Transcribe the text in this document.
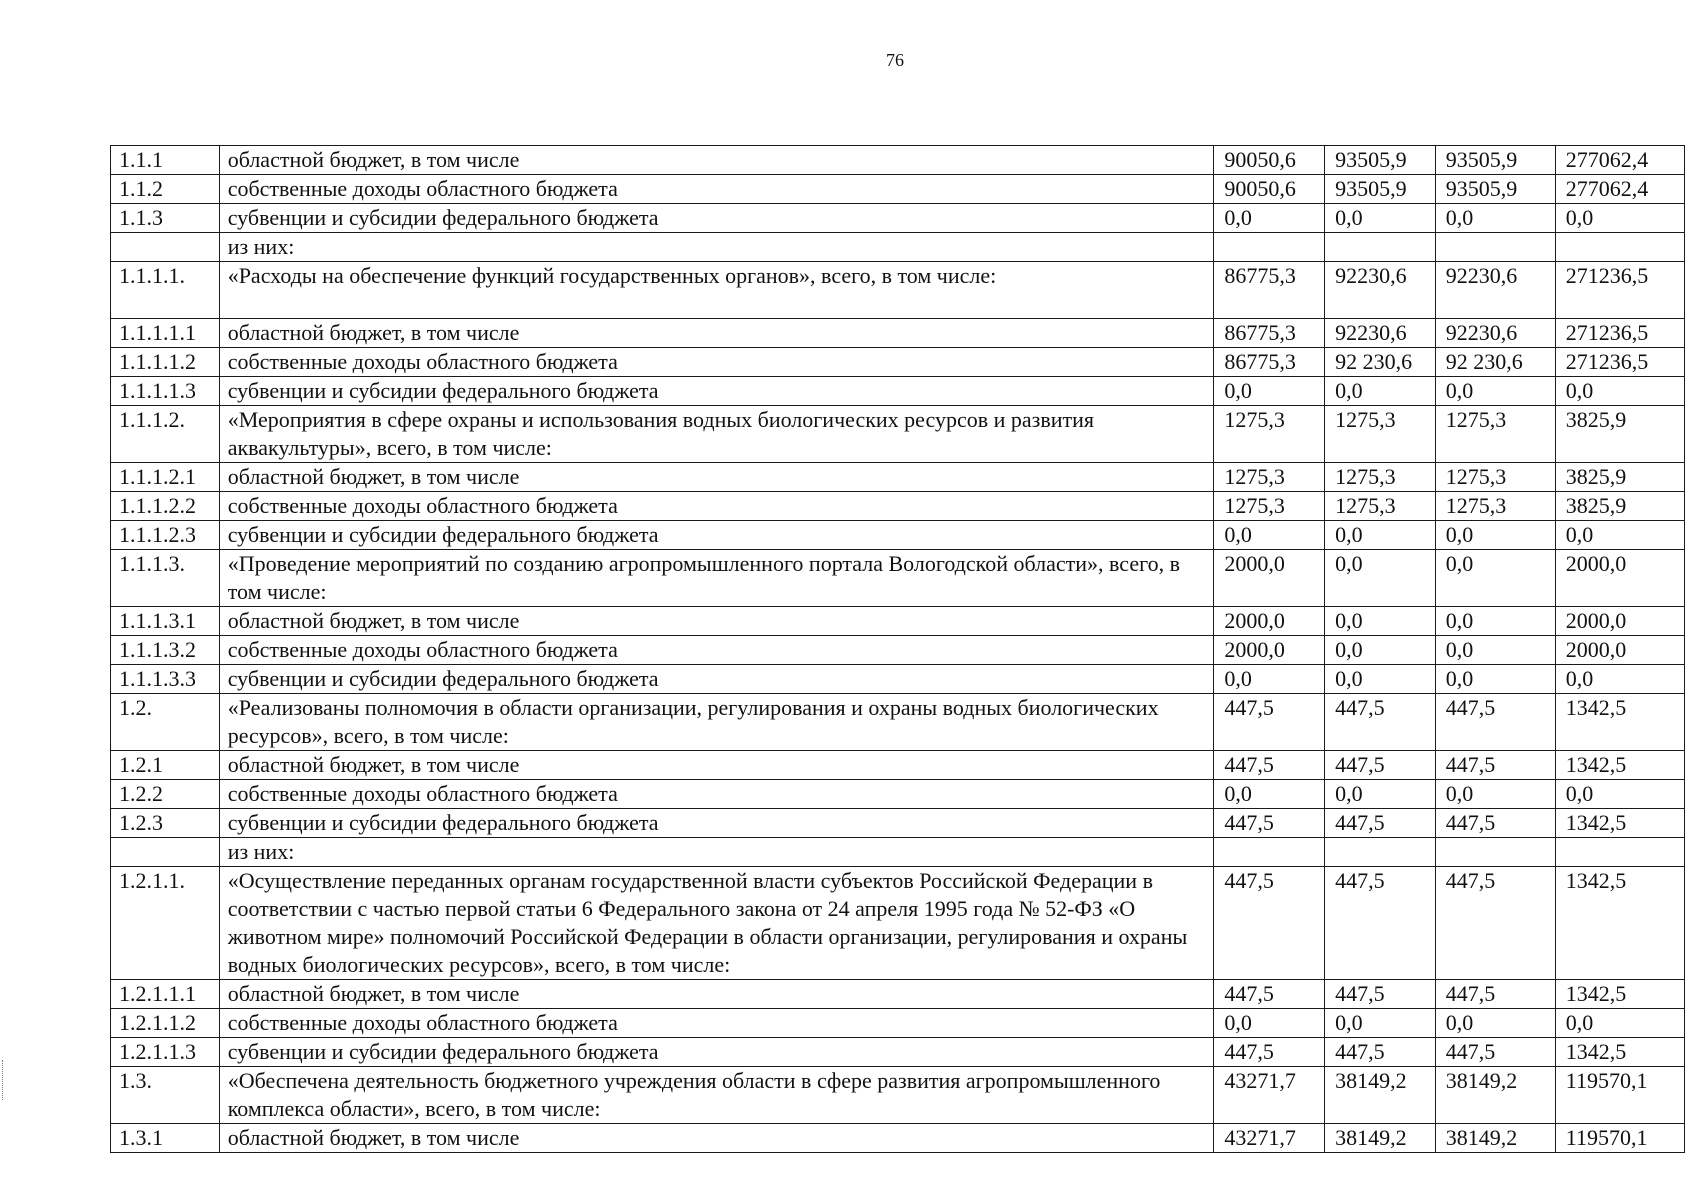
76
1.1.1	областной бюджет, в том числе	90050,6	93505,9	93505,9	277062,4
1.1.2	собственные доходы областного бюджета	90050,6	93505,9	93505,9	277062,4
1.1.3	субвенции и субсидии федерального бюджета	0,0	0,0	0,0	0,0
	из них:				
1.1.1.1.	«Расходы на обеспечение функций государственных органов», всего, в том числе:	86775,3	92230,6	92230,6	271236,5
1.1.1.1.1	областной бюджет, в том числе	86775,3	92230,6	92230,6	271236,5
1.1.1.1.2	собственные доходы областного бюджета	86775,3	92 230,6	92 230,6	271236,5
1.1.1.1.3	субвенции и субсидии федерального бюджета	0,0	0,0	0,0	0,0
1.1.1.2.	«Мероприятия в сфере охраны и использования водных биологических ресурсов и развития аквакультуры», всего, в том числе:	1275,3	1275,3	1275,3	3825,9
1.1.1.2.1	областной бюджет, в том числе	1275,3	1275,3	1275,3	3825,9
1.1.1.2.2	собственные доходы областного бюджета	1275,3	1275,3	1275,3	3825,9
1.1.1.2.3	субвенции и субсидии федерального бюджета	0,0	0,0	0,0	0,0
1.1.1.3.	«Проведение мероприятий по созданию агропромышленного портала Вологодской области», всего, в том числе:	2000,0	0,0	0,0	2000,0
1.1.1.3.1	областной бюджет, в том числе	2000,0	0,0	0,0	2000,0
1.1.1.3.2	собственные доходы областного бюджета	2000,0	0,0	0,0	2000,0
1.1.1.3.3	субвенции и субсидии федерального бюджета	0,0	0,0	0,0	0,0
1.2.	«Реализованы полномочия в области организации, регулирования и охраны водных биологических ресурсов», всего, в том числе:	447,5	447,5	447,5	1342,5
1.2.1	областной бюджет, в том числе	447,5	447,5	447,5	1342,5
1.2.2	собственные доходы областного бюджета	0,0	0,0	0,0	0,0
1.2.3	субвенции и субсидии федерального бюджета	447,5	447,5	447,5	1342,5
	из них:				
1.2.1.1.	«Осуществление переданных органам государственной власти субъектов Российской Федерации в соответствии с частью первой статьи 6 Федерального закона от 24 апреля 1995 года № 52-ФЗ «О животном мире» полномочий Российской Федерации в области организации, регулирования и охраны водных биологических ресурсов», всего, в том числе:	447,5	447,5	447,5	1342,5
1.2.1.1.1	областной бюджет, в том числе	447,5	447,5	447,5	1342,5
1.2.1.1.2	собственные доходы областного бюджета	0,0	0,0	0,0	0,0
1.2.1.1.3	субвенции и субсидии федерального бюджета	447,5	447,5	447,5	1342,5
1.3.	«Обеспечена деятельность бюджетного учреждения области в сфере развития агропромышленного комплекса области», всего, в том числе:	43271,7	38149,2	38149,2	119570,1
1.3.1	областной бюджет, в том числе	43271,7	38149,2	38149,2	119570,1
